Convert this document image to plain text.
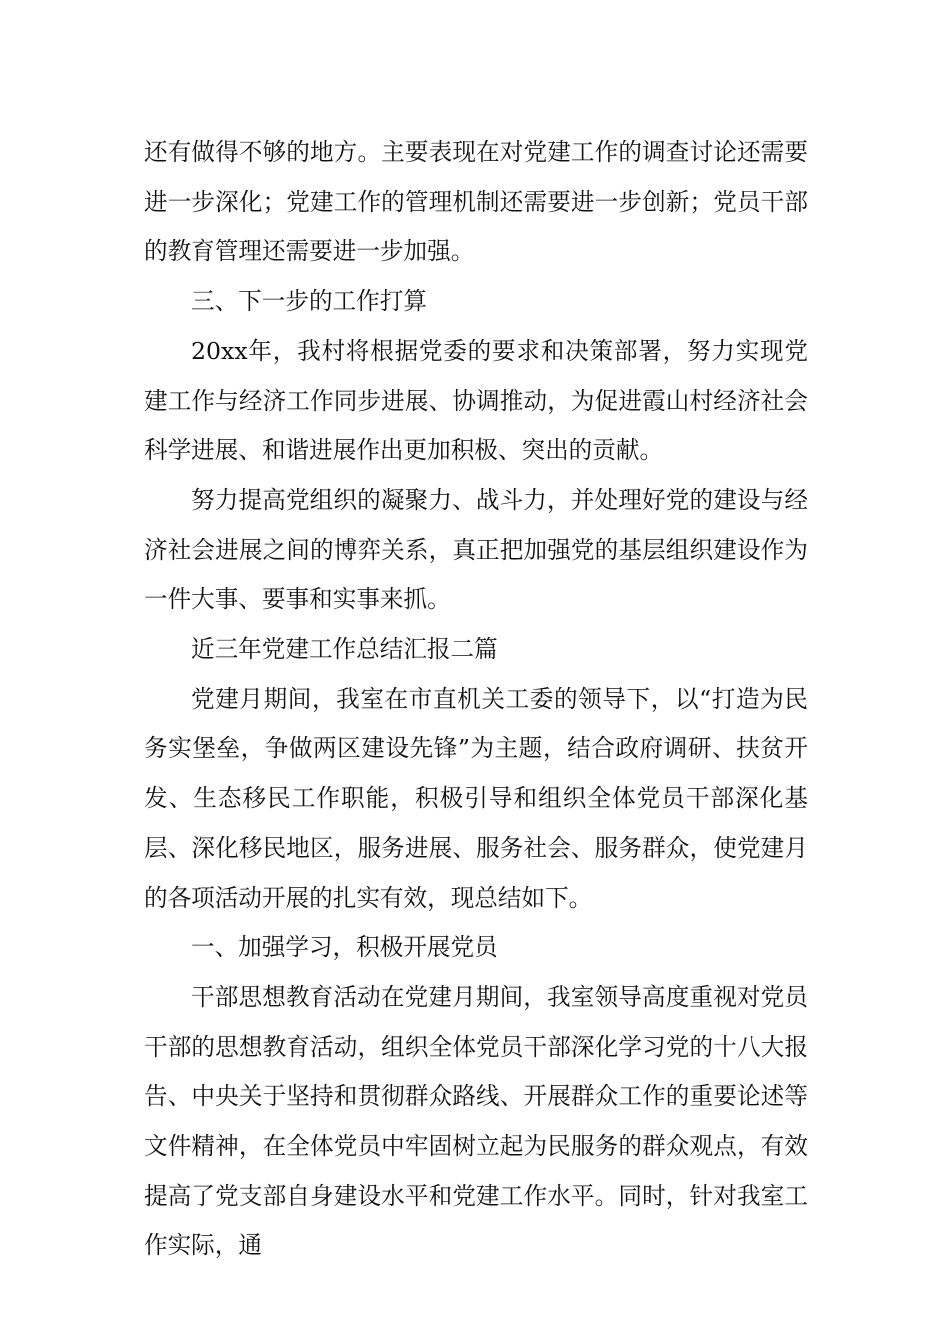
还有做得不够的地方。主要表现在对党建工作的调查讨论还需要进一步深化；党建工作的管理机制还需要进一步创新；党员干部的教育管理还需要进一步加强。

三、下一步的工作打算

20xx年，我村将根据党委的要求和决策部署，努力实现党建工作与经济工作同步进展、协调推动，为促进霞山村经济社会科学进展、和谐进展作出更加积极、突出的贡献。

努力提高党组织的凝聚力、战斗力，并处理好党的建设与经济社会进展之间的博弈关系，真正把加强党的基层组织建设作为一件大事、要事和实事来抓。

近三年党建工作总结汇报二篇

党建月期间，我室在市直机关工委的领导下，以“打造为民务实堡垒，争做两区建设先锋”为主题，结合政府调研、扶贫开发、生态移民工作职能，积极引导和组织全体党员干部深化基层、深化移民地区，服务进展、服务社会、服务群众，使党建月的各项活动开展的扎实有效，现总结如下。

一、加强学习，积极开展党员

干部思想教育活动在党建月期间，我室领导高度重视对党员干部的思想教育活动，组织全体党员干部深化学习党的十八大报告、中央关于坚持和贯彻群众路线、开展群众工作的重要论述等文件精神，在全体党员中牢固树立起为民服务的群众观点，有效提高了党支部自身建设水平和党建工作水平。同时，针对我室工作实际，通
